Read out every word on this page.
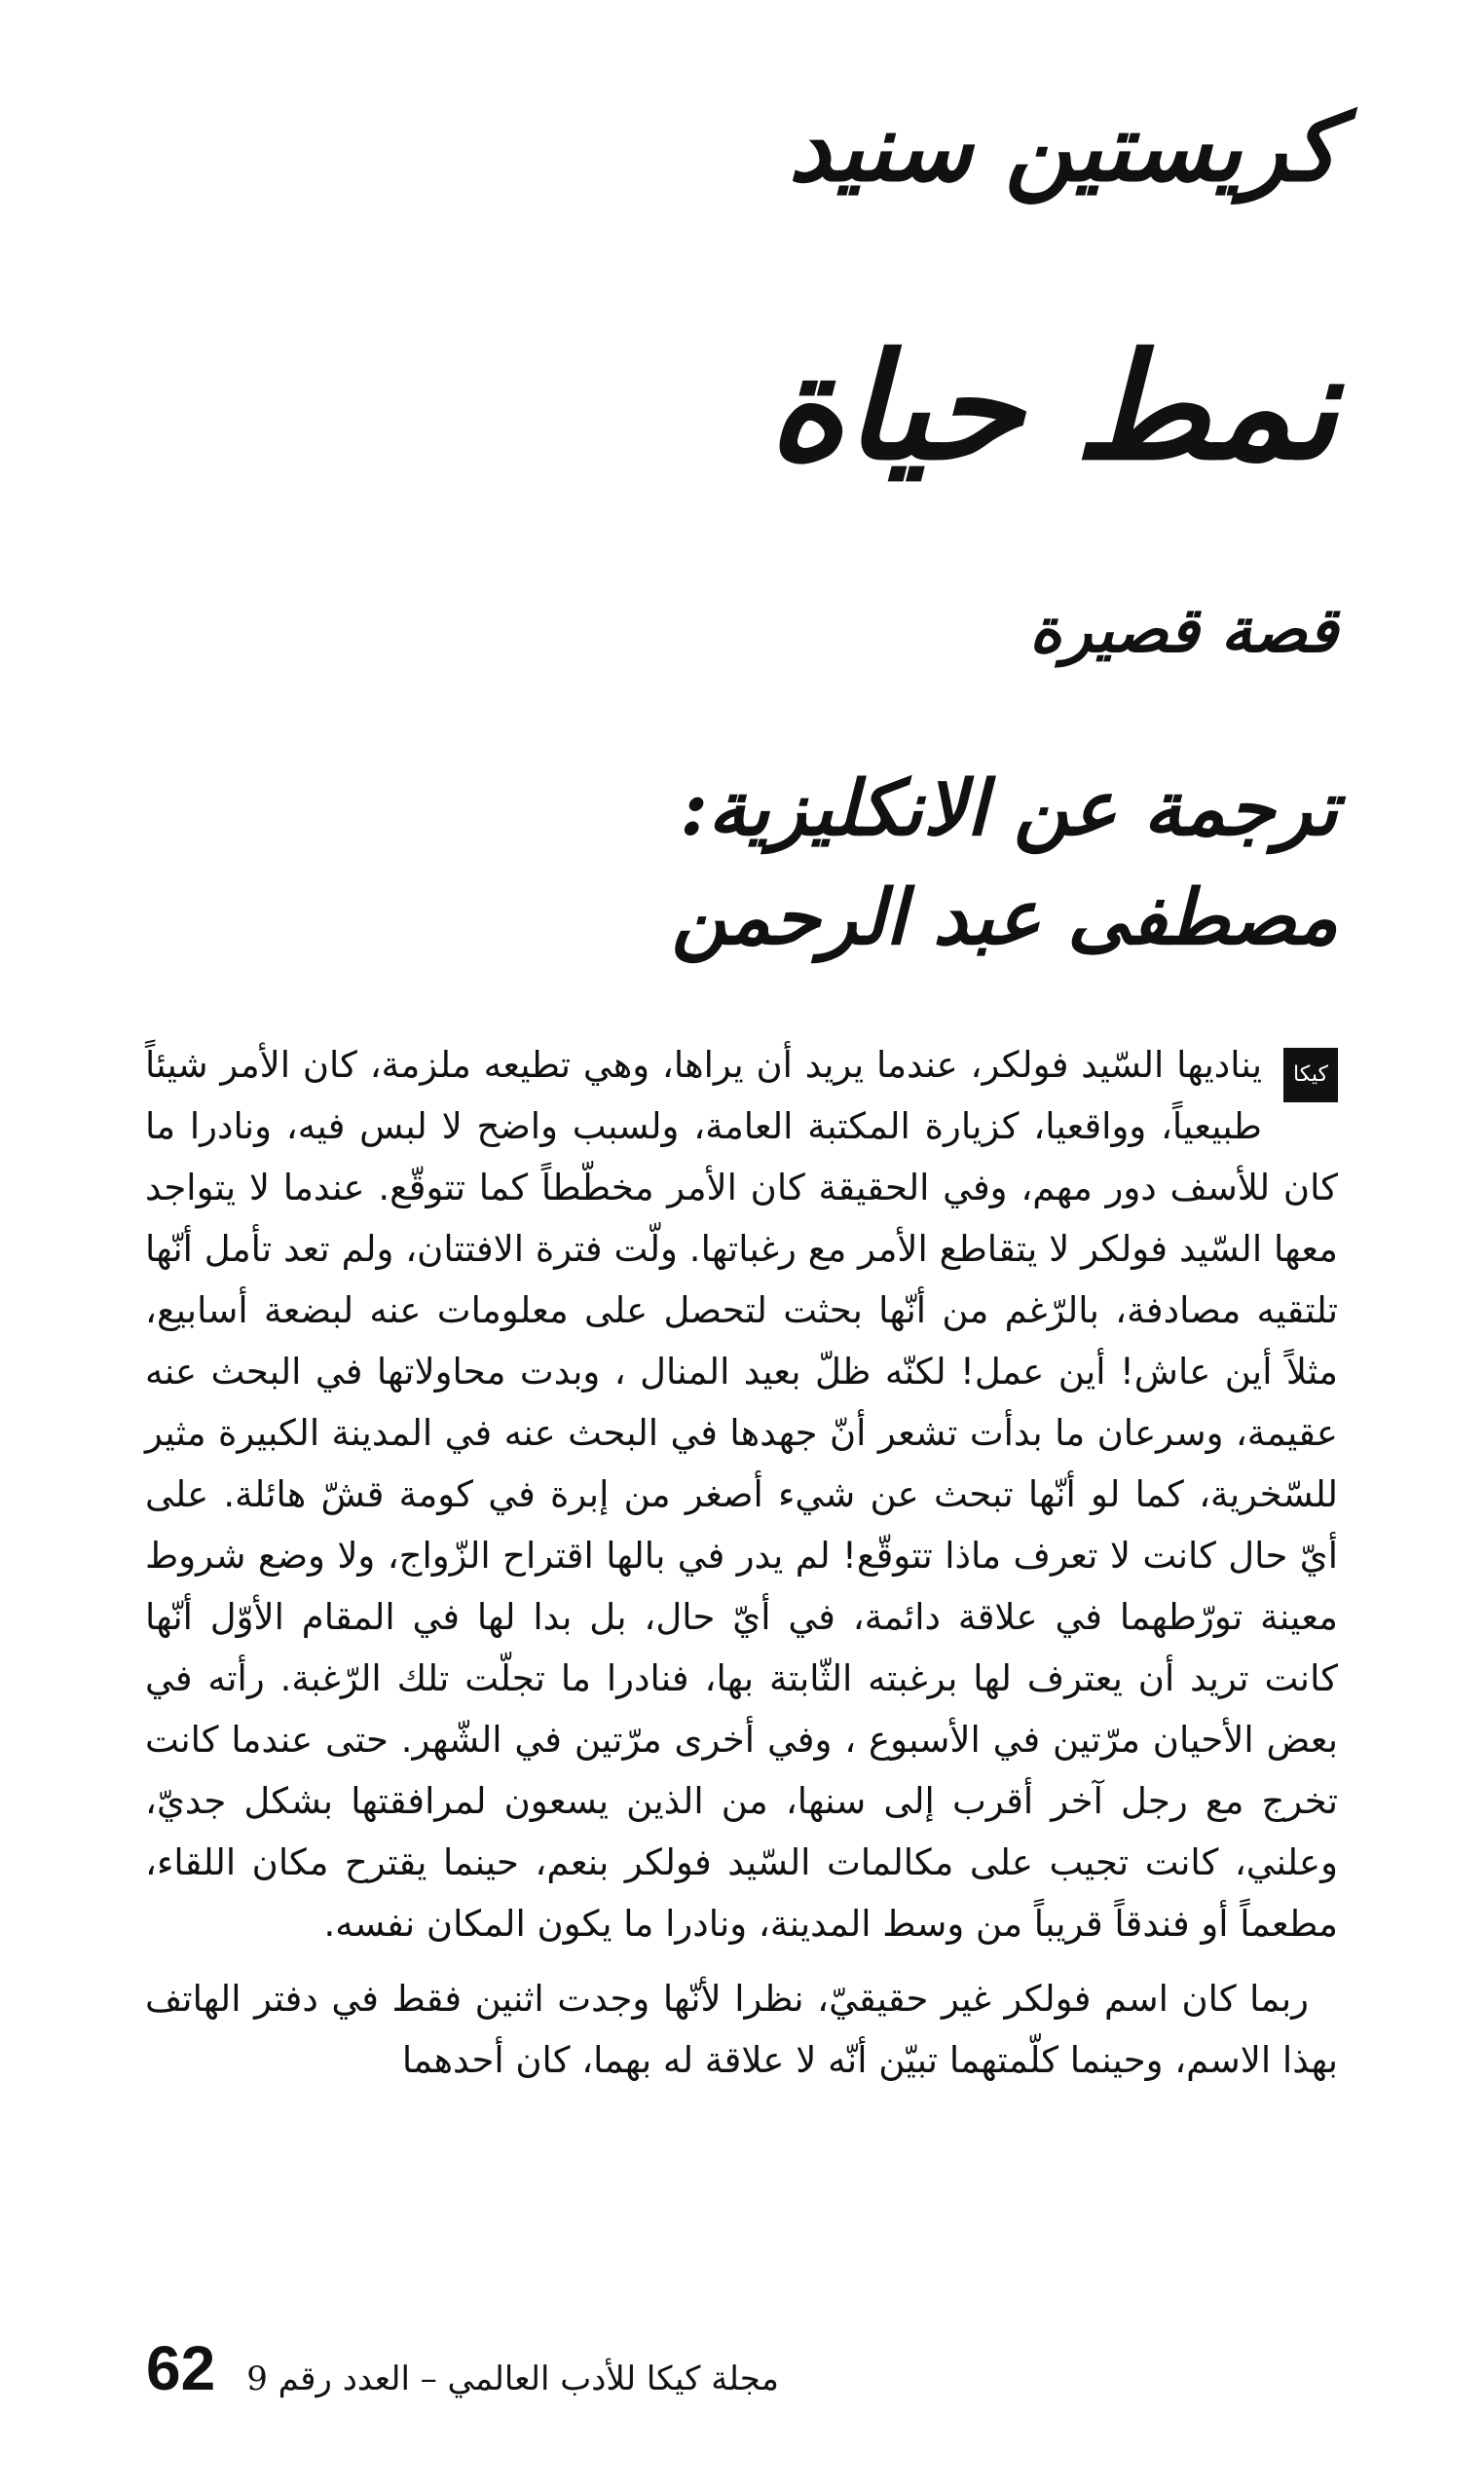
كريستين سنيد
نمط حياة
قصة قصيرة
ترجمة عن الانكليزية:
مصطفى عبد الرحمن

كيكا
يناديها السّيد فولكر، عندما يريد أن يراها، وهي تطيعه ملزمة، كان الأمر شيئاً طبيعياً، وواقعيا، كزيارة المكتبة العامة، ولسبب واضح لا لبس فيه، ونادرا ما كان للأسف دور مهم، وفي الحقيقة كان الأمر مخطّطاً كما تتوقّع. عندما لا يتواجد معها السّيد فولكر لا يتقاطع الأمر مع رغباتها. ولّت فترة الافتتان، ولم تعد تأمل أنّها تلتقيه مصادفة، بالرّغم من أنّها بحثت لتحصل على معلومات عنه لبضعة أسابيع، مثلاً أين عاش! أين عمل! لكنّه ظلّ بعيد المنال ، وبدت محاولاتها في البحث عنه عقيمة، وسرعان ما بدأت تشعر أنّ جهدها في البحث عنه في المدينة الكبيرة مثير للسّخرية، كما لو أنّها تبحث عن شيء أصغر من إبرة في كومة قشّ هائلة. على أيّ حال كانت لا تعرف ماذا تتوقّع! لم يدر في بالها اقتراح الزّواج، ولا وضع شروط معينة تورّطهما في علاقة دائمة، في أيّ حال، بل بدا لها في المقام الأوّل أنّها كانت تريد أن يعترف لها برغبته الثّابتة بها، فنادرا ما تجلّت تلك الرّغبة. رأته في بعض الأحيان مرّتين في الأسبوع ، وفي أخرى مرّتين في الشّهر. حتى عندما كانت تخرج مع رجل آخر أقرب إلى سنها، من الذين يسعون لمرافقتها بشكل جديّ، وعلني، كانت تجيب على مكالمات السّيد فولكر بنعم، حينما يقترح مكان اللقاء، مطعماً أو فندقاً قريباً من وسط المدينة، ونادرا ما يكون المكان نفسه.

ربما كان اسم فولكر غير حقيقيّ، نظرا لأنّها وجدت اثنين فقط في دفتر الهاتف بهذا الاسم، وحينما كلّمتهما تبيّن أنّه لا علاقة له بهما، كان أحدهما

62 مجلة كيكا للأدب العالمي – العدد رقم 9
